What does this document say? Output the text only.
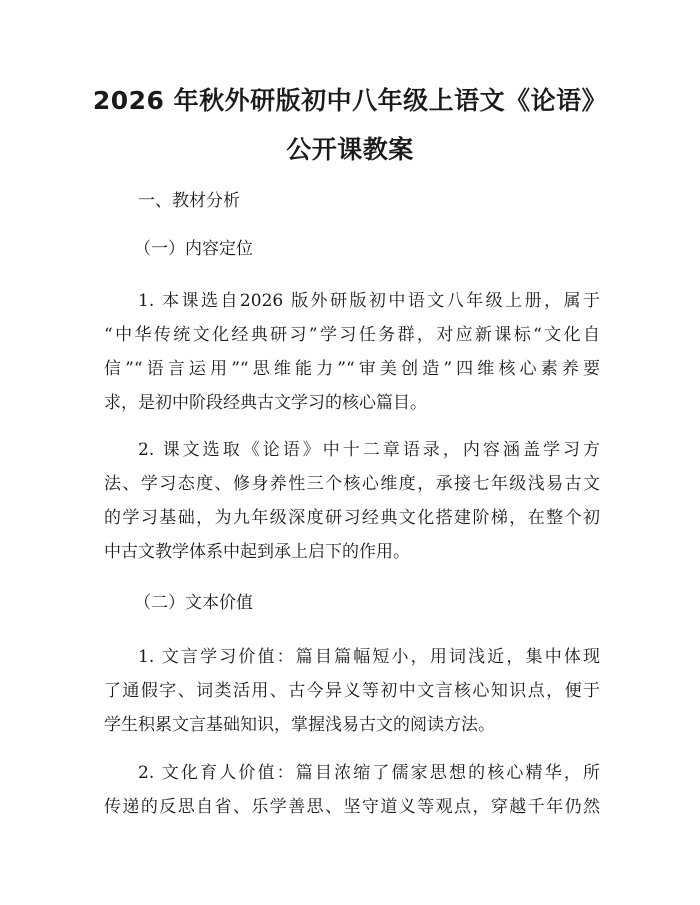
2026 年秋外研版初中八年级上语文《论语》
公开课教案
一、教材分析
（一）内容定位
1. 本课选自2026 版外研版初中语文八年级上册，属于
“中华传统文化经典研习”学习任务群，对应新课标“文化自
信”“语言运用”“思维能力”“审美创造”四维核心素养要
求，是初中阶段经典古文学习的核心篇目。
2. 课文选取《论语》中十二章语录，内容涵盖学习方
法、学习态度、修身养性三个核心维度，承接七年级浅易古文
的学习基础，为九年级深度研习经典文化搭建阶梯，在整个初
中古文教学体系中起到承上启下的作用。
（二）文本价值
1. 文言学习价值：篇目篇幅短小，用词浅近，集中体现
了通假字、词类活用、古今异义等初中文言核心知识点，便于
学生积累文言基础知识，掌握浅易古文的阅读方法。
2. 文化育人价值：篇目浓缩了儒家思想的核心精华，所
传递的反思自省、乐学善思、坚守道义等观点，穿越千年仍然
